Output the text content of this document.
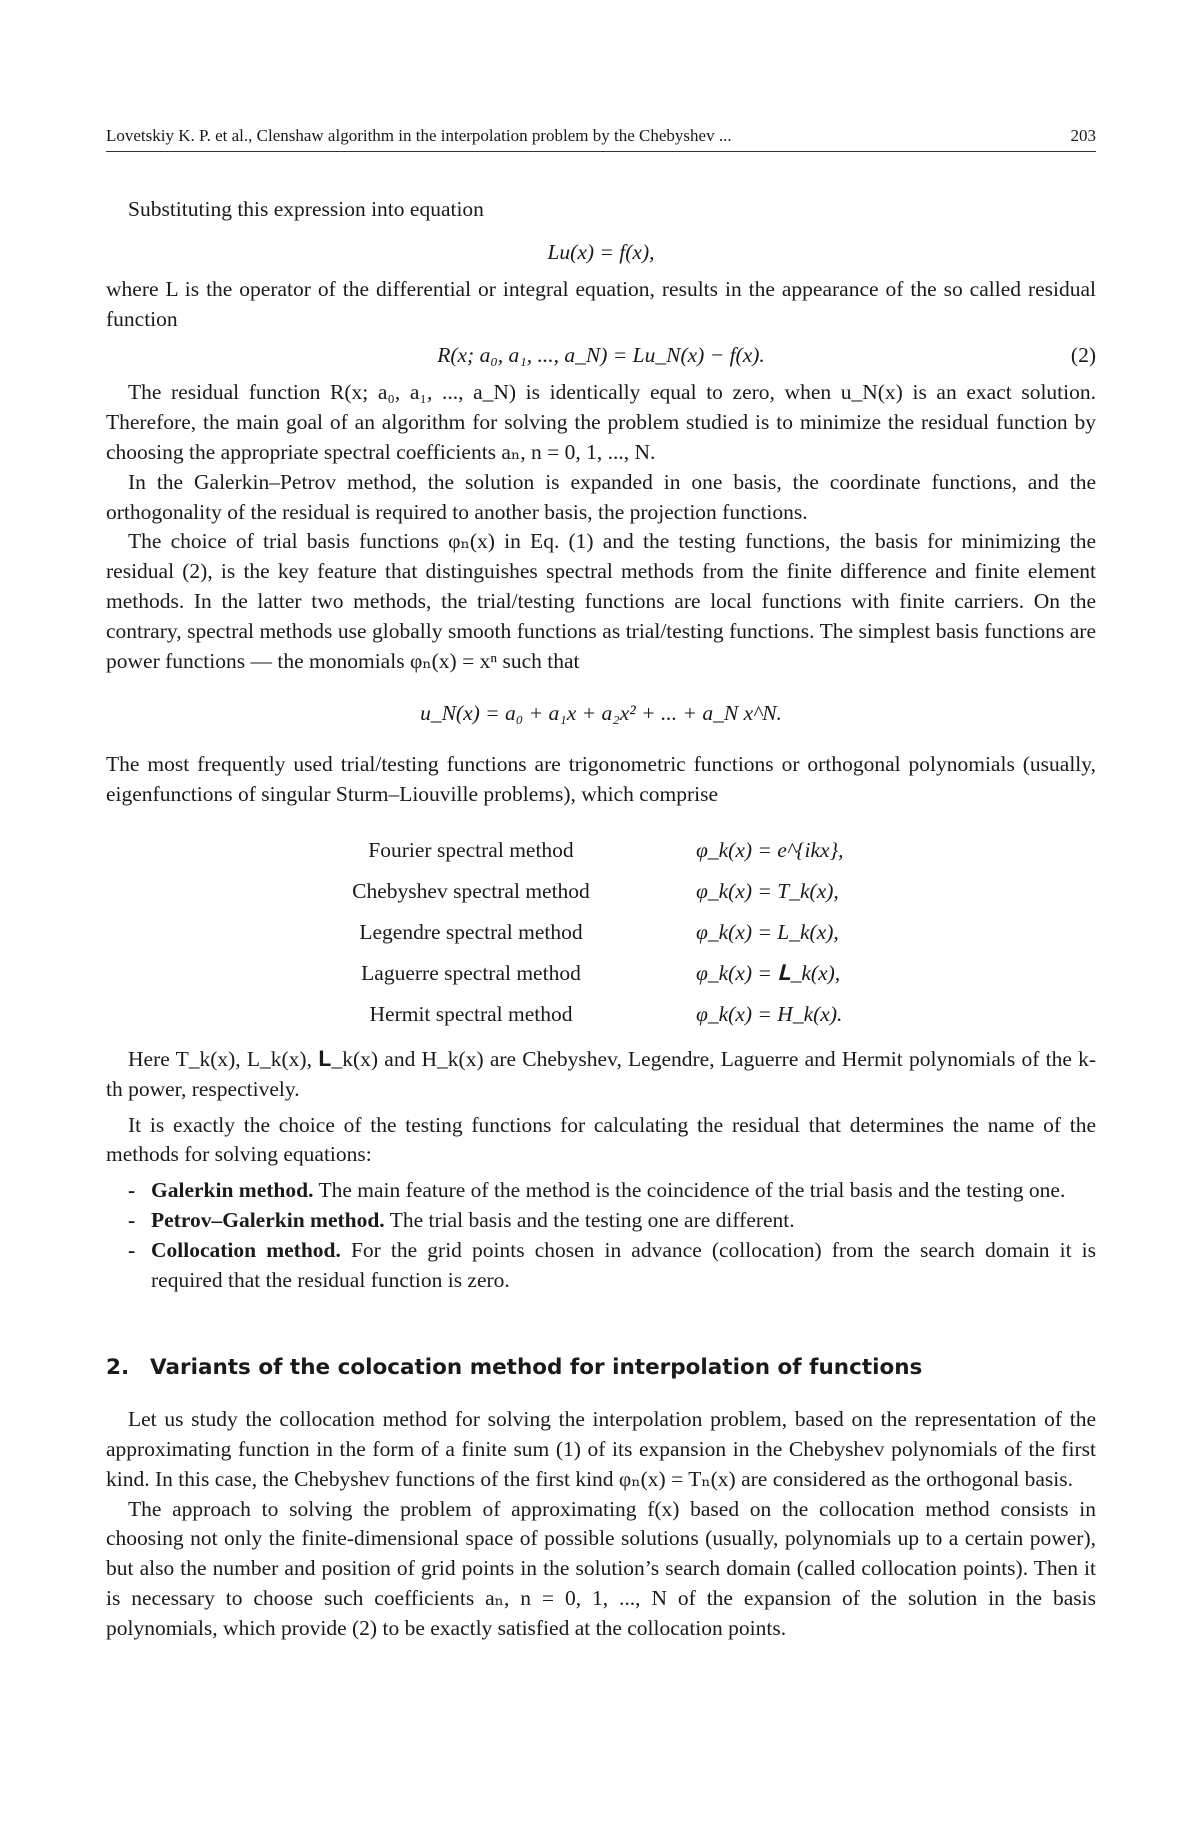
Lovetskiy K. P. et al., Clenshaw algorithm in the interpolation problem by the Chebyshev ...	203

Substituting this expression into equation

Lu(x) = f(x),

where L is the operator of the differential or integral equation, results in the appearance of the so called residual function

R(x; a₀, a₁, ..., a_N) = Lu_N(x) − f(x).	(2)

The residual function R(x; a₀, a₁, ..., a_N) is identically equal to zero, when u_N(x) is an exact solution. Therefore, the main goal of an algorithm for solving the problem studied is to minimize the residual function by choosing the appropriate spectral coefficients aₙ, n = 0, 1, ..., N.

In the Galerkin–Petrov method, the solution is expanded in one basis, the coordinate functions, and the orthogonality of the residual is required to another basis, the projection functions.

The choice of trial basis functions φₙ(x) in Eq. (1) and the testing functions, the basis for minimizing the residual (2), is the key feature that distinguishes spectral methods from the finite difference and finite element methods. In the latter two methods, the trial/testing functions are local functions with finite carriers. On the contrary, spectral methods use globally smooth functions as trial/testing functions. The simplest basis functions are power functions — the monomials φₙ(x) = xⁿ such that

u_N(x) = a₀ + a₁x + a₂x² + ... + a_N x^N.

The most frequently used trial/testing functions are trigonometric functions or orthogonal polynomials (usually, eigenfunctions of singular Sturm–Liouville problems), which comprise

Fourier spectral method	φ_k(x) = e^{ikx},
Chebyshev spectral method	φ_k(x) = T_k(x),
Legendre spectral method	φ_k(x) = L_k(x),
Laguerre spectral method	φ_k(x) = 𝐋_k(x),
Hermit spectral method	φ_k(x) = H_k(x).

Here T_k(x), L_k(x), 𝐋_k(x) and H_k(x) are Chebyshev, Legendre, Laguerre and Hermit polynomials of the k-th power, respectively.

It is exactly the choice of the testing functions for calculating the residual that determines the name of the methods for solving equations:

- Galerkin method. The main feature of the method is the coincidence of the trial basis and the testing one.
- Petrov–Galerkin method. The trial basis and the testing one are different.
- Collocation method. For the grid points chosen in advance (collocation) from the search domain it is required that the residual function is zero.
2. Variants of the colocation method for interpolation of functions

Let us study the collocation method for solving the interpolation problem, based on the representation of the approximating function in the form of a finite sum (1) of its expansion in the Chebyshev polynomials of the first kind. In this case, the Chebyshev functions of the first kind φₙ(x) = Tₙ(x) are considered as the orthogonal basis.

The approach to solving the problem of approximating f(x) based on the collocation method consists in choosing not only the finite-dimensional space of possible solutions (usually, polynomials up to a certain power), but also the number and position of grid points in the solution’s search domain (called collocation points). Then it is necessary to choose such coefficients aₙ, n = 0, 1, ..., N of the expansion of the solution in the basis polynomials, which provide (2) to be exactly satisfied at the collocation points.
